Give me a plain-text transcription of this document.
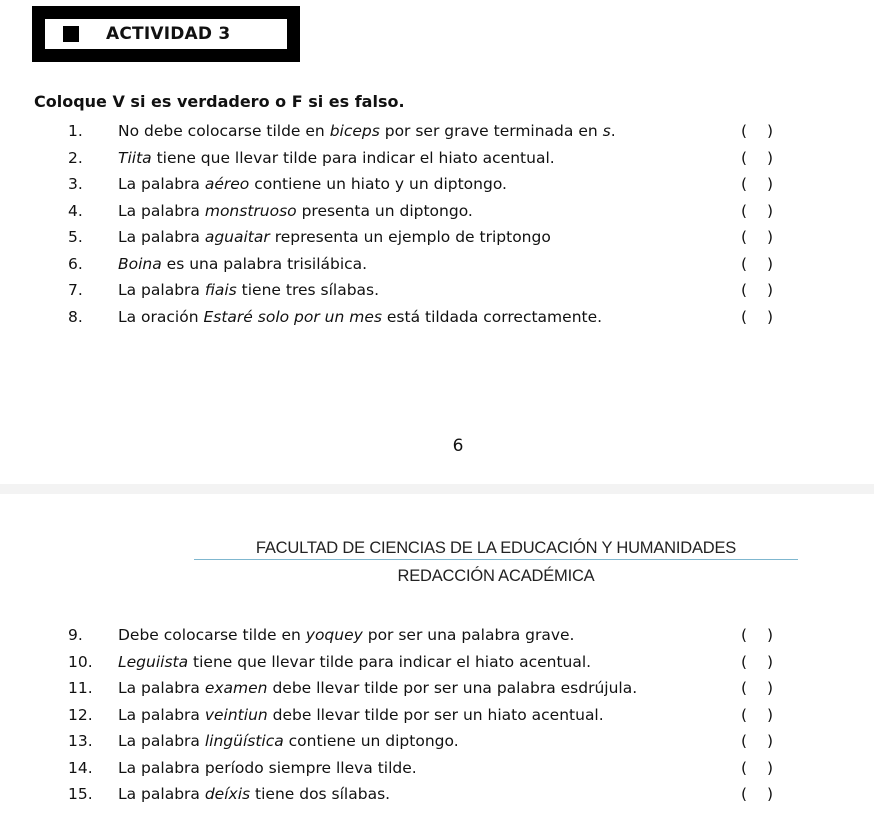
ACTIVIDAD 3
Coloque V si es verdadero o F si es falso.
1. No debe colocarse tilde en biceps por ser grave terminada en s.	( )
2. Tiita tiene que llevar tilde para indicar el hiato acentual.	( )
3. La palabra aéreo contiene un hiato y un diptongo.	( )
4. La palabra monstruoso presenta un diptongo.	( )
5. La palabra aguaitar representa un ejemplo de triptongo	( )
6. Boina es una palabra trisilábica.	( )
7. La palabra fiais tiene tres sílabas.	( )
8. La oración Estaré solo por un mes está tildada correctamente.	( )
6
9. Debe colocarse tilde en yoquey por ser una palabra grave.	( )
10. Leguiista tiene que llevar tilde para indicar el hiato acentual.	( )
11. La palabra examen debe llevar tilde por ser una palabra esdrújula.	( )
12. La palabra veintiun debe llevar tilde por ser un hiato acentual.	( )
13. La palabra lingüística contiene un diptongo.	( )
14. La palabra período siempre lleva tilde.	( )
15. La palabra deíxis tiene dos sílabas.	( )
FACULTAD DE CIENCIAS DE LA EDUCACIÓN Y HUMANIDADES
REDACCIÓN ACADÉMICA
